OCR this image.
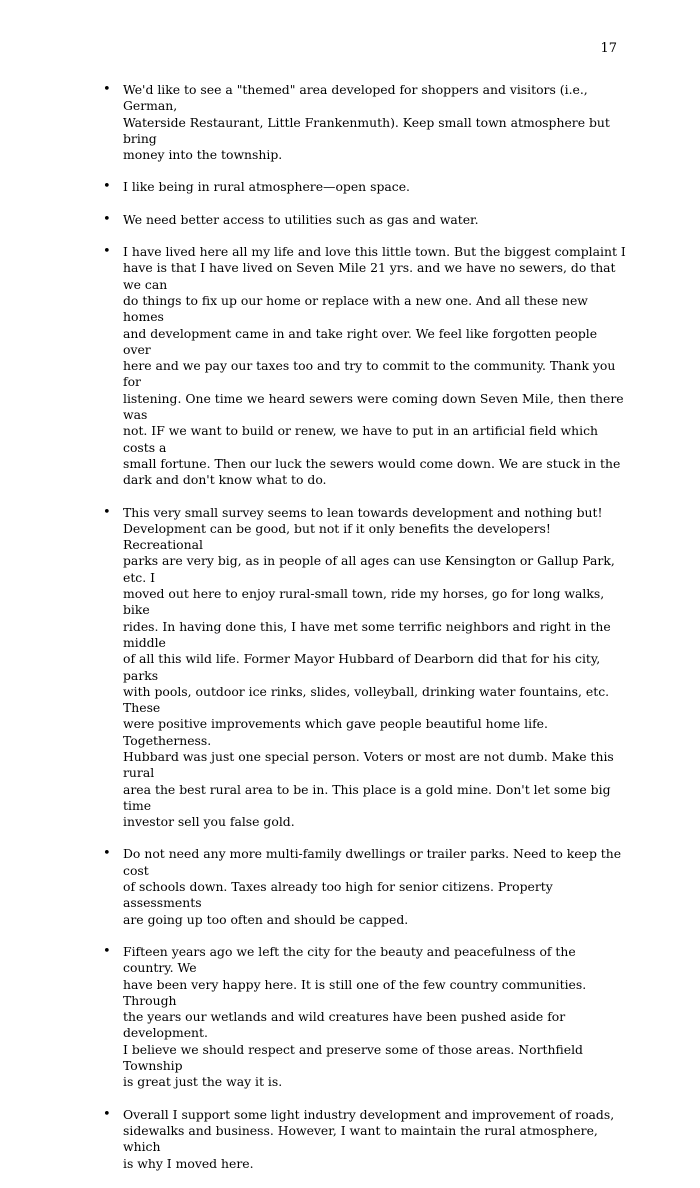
17
• We'd like to see a "themed" area developed for shoppers and visitors (i.e., German,
Waterside Restaurant, Little Frankenmuth). Keep small town atmosphere but bring
money into the township.
• I like being in rural atmosphere—open space.
• We need better access to utilities such as gas and water.
• I have lived here all my life and love this little town. But the biggest complaint I
have is that I have lived on Seven Mile 21 yrs. and we have no sewers, do that we can
do things to fix up our home or replace with a new one. And all these new homes
and development came in and take right over. We feel like forgotten people over
here and we pay our taxes too and try to commit to the community. Thank you for
listening. One time we heard sewers were coming down Seven Mile, then there was
not. IF we want to build or renew, we have to put in an artificial field which costs a
small fortune. Then our luck the sewers would come down. We are stuck in the
dark and don't know what to do.
• This very small survey seems to lean towards development and nothing but!
Development can be good, but not if it only benefits the developers! Recreational
parks are very big, as in people of all ages can use Kensington or Gallup Park, etc. I
moved out here to enjoy rural-small town, ride my horses, go for long walks, bike
rides. In having done this, I have met some terrific neighbors and right in the middle
of all this wild life. Former Mayor Hubbard of Dearborn did that for his city, parks
with pools, outdoor ice rinks, slides, volleyball, drinking water fountains, etc. These
were positive improvements which gave people beautiful home life. Togetherness.
Hubbard was just one special person. Voters or most are not dumb. Make this rural
area the best rural area to be in. This place is a gold mine. Don't let some big time
investor sell you false gold.
• Do not need any more multi-family dwellings or trailer parks. Need to keep the cost
of schools down. Taxes already too high for senior citizens. Property assessments
are going up too often and should be capped.
• Fifteen years ago we left the city for the beauty and peacefulness of the country. We
have been very happy here. It is still one of the few country communities. Through
the years our wetlands and wild creatures have been pushed aside for development.
I believe we should respect and preserve some of those areas. Northfield Township
is great just the way it is.
• Overall I support some light industry development and improvement of roads,
sidewalks and business. However, I want to maintain the rural atmosphere, which
is why I moved here.
